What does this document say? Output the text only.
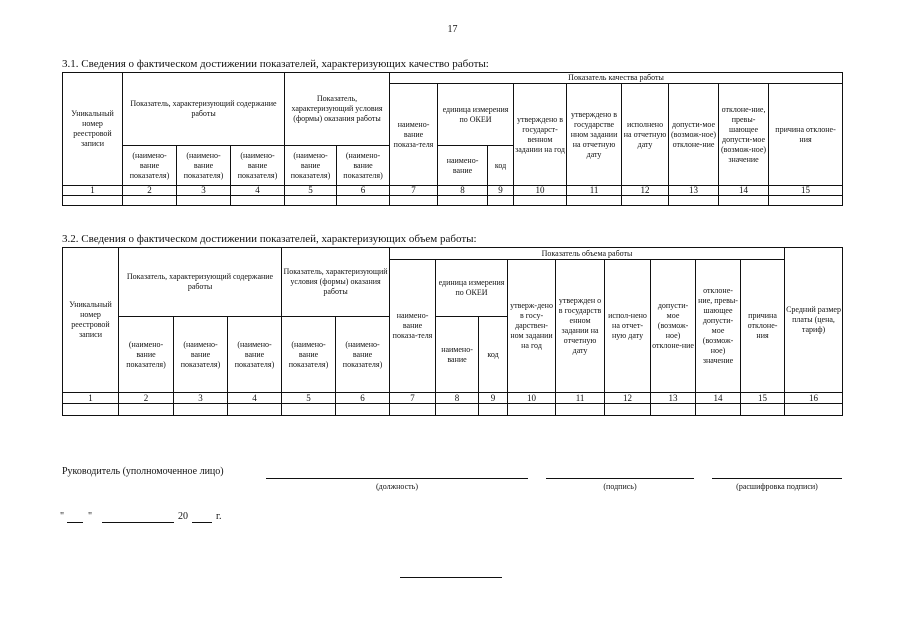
17
3.1. Сведения о фактическом достижении показателей, характеризующих качество работы:
Уникальный номер реестровой записи	Показатель, характеризующий содержание работы			Показатель, характеризующий условия (формы) оказания работы		Показатель качества работы								
						наимено-вание показа-теля	единица измерения по ОКЕИ		утверждено в государст-венном задании на год	утверждено в государстве нном задании на отчетную дату	исполнено на отчетную дату	допусти-мое (возмож-ное) отклоне-ние	отклоне-ние, превы-шающее допусти-мое (возмож-ное) значение	причина отклоне-ния
	(наимено-вание показателя)	(наимено-вание показателя)	(наимено-вание показателя)	(наимено-вание показателя)	(наимено-вание показателя)		наимено-вание	код						
1	2	3	4	5	6	7	8	9	10	11	12	13	14	15

3.2. Сведения о фактическом достижении показателей, характеризующих объем работы:
Уникальный номер реестровой записи	Показатель, характеризующий содержание работы			Показатель, характеризующий условия (формы) оказания работы		Показатель объема работы									Средний размер платы (цена, тариф)
						наимено-вание показа-теля	единица измерения по ОКЕИ		утверж-дено в госу-дарствен-ном задании на год	утвержден о в государств енном задании на отчетную дату	испол-нено на отчет-ную дату	допусти-мое (возмож-ное) отклоне-ние	отклоне-ние, превы-шающее допусти-мое (возмож-ное) значение	причина отклоне-ния	
	(наимено-вание показателя)	(наимено-вание показателя)	(наимено-вание показателя)	(наимено-вание показателя)	(наимено-вание показателя)		наимено-вание	код							
1	2	3	4	5	6	7	8	9	10	11	12	13	14	15	16

Руководитель (уполномоченное лицо)
(должность)	(подпись)	(расшифровка подписи)
" "	20	г.
